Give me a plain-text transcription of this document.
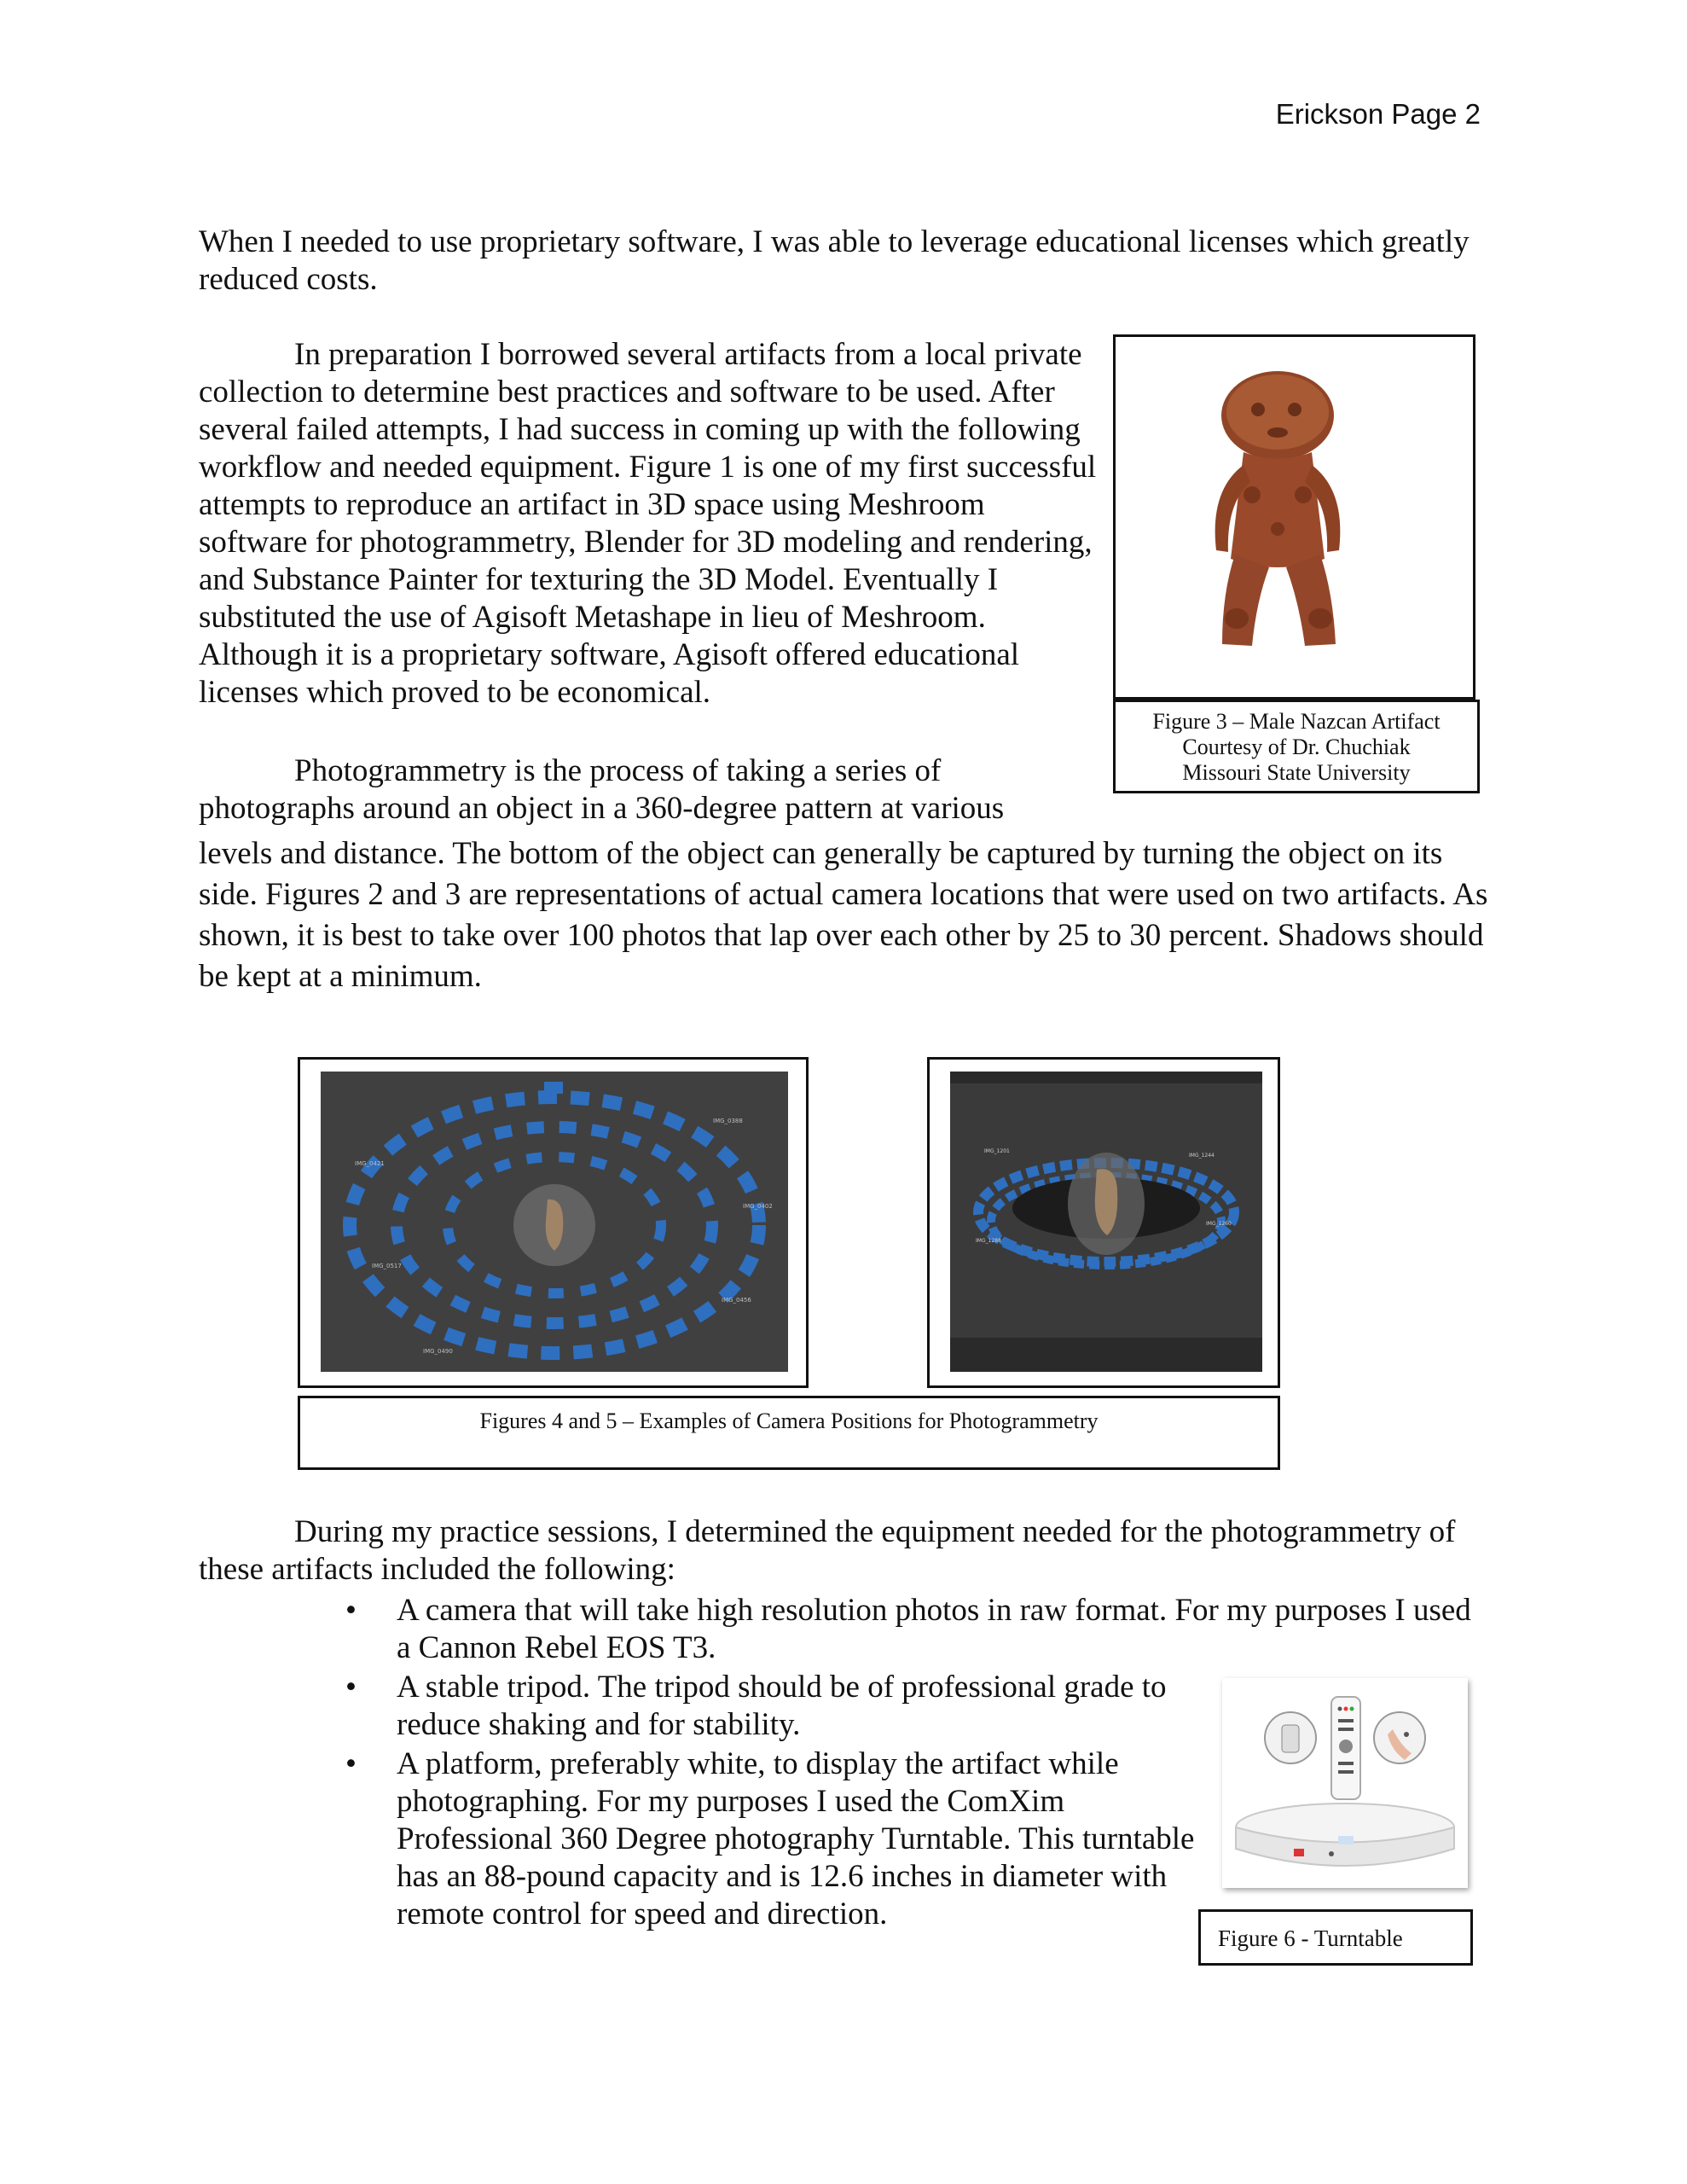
Erickson Page 2

When I needed to use proprietary software, I was able to leverage educational licenses which greatly reduced costs.

In preparation I borrowed several artifacts from a local private collection to determine best practices and software to be used. After several failed attempts, I had success in coming up with the following workflow and needed equipment. Figure 1 is one of my first successful attempts to reproduce an artifact in 3D space using Meshroom software for photogrammetry, Blender for 3D modeling and rendering, and Substance Painter for texturing the 3D Model. Eventually I substituted the use of Agisoft Metashape in lieu of Meshroom. Although it is a proprietary software, Agisoft offered educational licenses which proved to be economical.

Photogrammetry is the process of taking a series of photographs around an object in a 360-degree pattern at various

levels and distance. The bottom of the object can generally be captured by turning the object on its side. Figures 2 and 3 are representations of actual camera locations that were used on two artifacts. As shown, it is best to take over 100 photos that lap over each other by 25 to 30 percent. Shadows should be kept at a minimum.

Figure 3 – Male Nazcan Artifact
Courtesy of Dr. Chuchiak
Missouri State University
IMG_0421
IMG_0388
IMG_0402
IMG_0517
IMG_0456
IMG_0490
IMG_1201
IMG_1244
IMG_1260
IMG_1288
Figures 4 and 5 – Examples of Camera Positions for Photogrammetry

During my practice sessions, I determined the equipment needed for the photogrammetry of these artifacts included the following:

• A camera that will take high resolution photos in raw format. For my purposes I used a Cannon Rebel EOS T3.
• A stable tripod. The tripod should be of professional grade to reduce shaking and for stability.
• A platform, preferably white, to display the artifact while photographing. For my purposes I used the ComXim Professional 360 Degree photography Turntable. This turntable has an 88-pound capacity and is 12.6 inches in diameter with remote control for speed and direction.
Figure 6 - Turntable
